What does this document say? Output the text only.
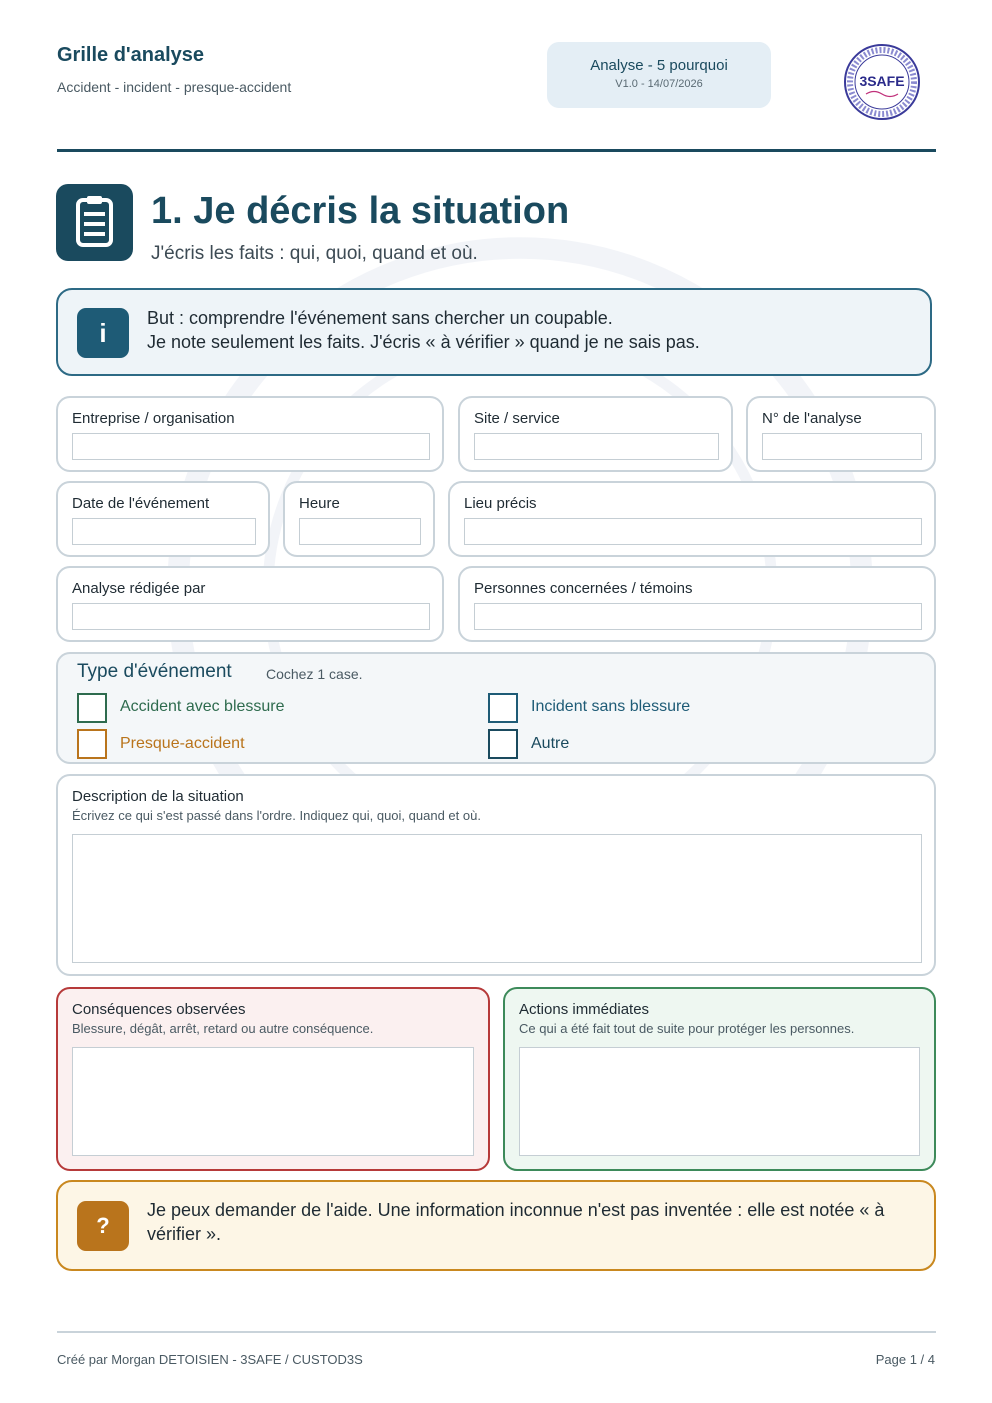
Grille d'analyse
Accident - incident - presque-accident
Analyse - 5 pourquoi
V1.0 - 14/07/2026	3SAFE
1. Je décris la situation
J'écris les faits : qui, quoi, quand et où.
i	But : comprendre l'événement sans chercher un coupable.
Je note seulement les faits. J'écris « à vérifier » quand je ne sais pas.
Entreprise / organisation	Site / service	N° de l'analyse
Date de l'événement	Heure	Lieu précis
Analyse rédigée par	Personnes concernées / témoins
Type d'événement Cochez 1 case.
Accident avec blessure	Incident sans blessure
Presque-accident	Autre
Description de la situation
Écrivez ce qui s'est passé dans l'ordre. Indiquez qui, quoi, quand et où.
Conséquences observées
Blessure, dégât, arrêt, retard ou autre conséquence.
Actions immédiates
Ce qui a été fait tout de suite pour protéger les personnes.
?
Je peux demander de l'aide. Une information inconnue n'est pas inventée : elle est notée « à vérifier ».
Créé par Morgan DETOISIEN - 3SAFE / CUSTOD3S	Page 1 / 4
